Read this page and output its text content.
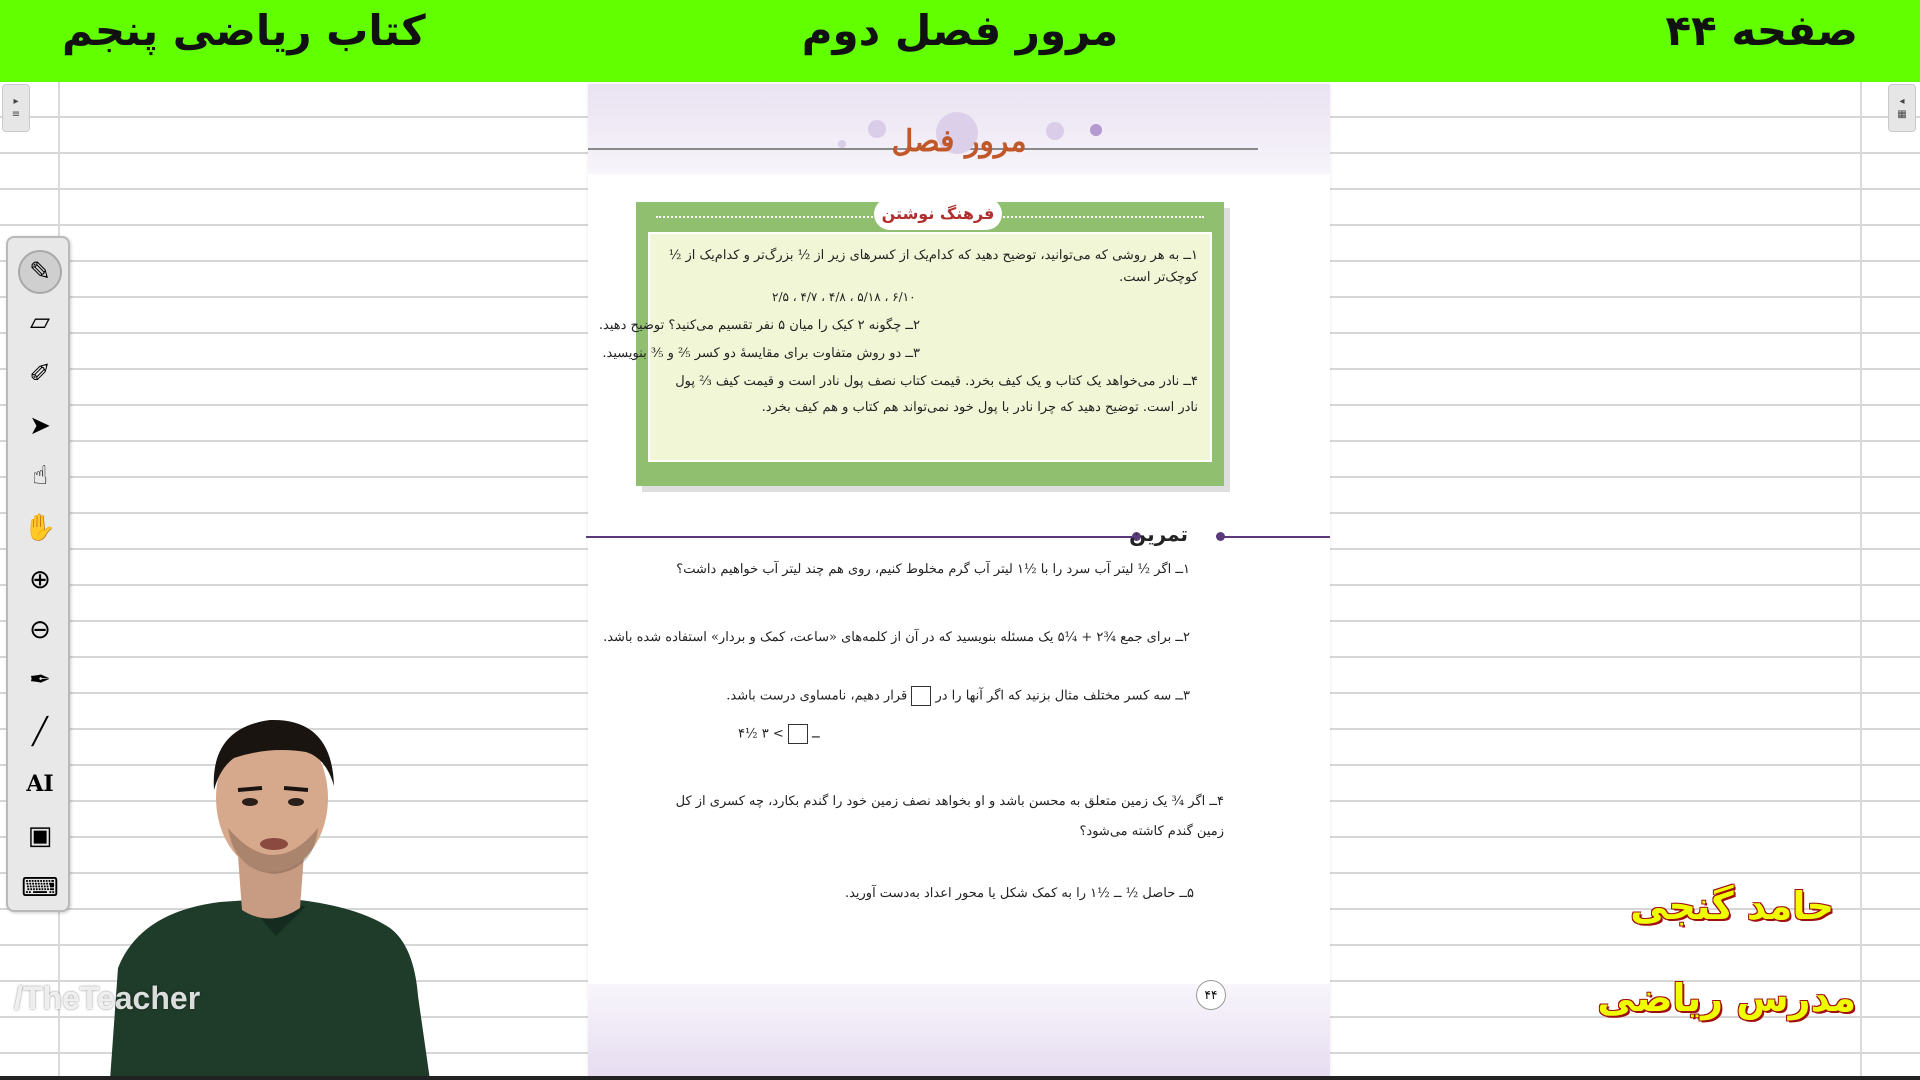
صفحه ۴۴
مرور فصل دوم
کتاب ریاضی پنجم
▸
≡
◂
▦
✎
▱
✐
➤
☝
✋
⊕
⊖
✒
╱
AI
▣
⌨
مرور فصل
فرهنگ نوشتن
۱ــ به هر روشی که می‌توانید، توضیح دهید که کدام‌یک از کسرهای زیر از ½ بزرگ‌تر و کدام‌یک از ½
کوچک‌تر است.
۲/۵ ، ۴/۷ ، ۴/۸ ، ۵/۱۸ ، ۶/۱۰
۲ــ چگونه ۲ کیک را میان ۵ نفر تقسیم می‌کنید؟ توضیح دهید.
۳ــ دو روش متفاوت برای مقایسهٔ دو کسر ⅖ و ⅗ بنویسید.
۴ــ نادر می‌خواهد یک کتاب و یک کیف بخرد. قیمت کتاب نصف پول نادر است و قیمت کیف ⅔ پول
نادر است. توضیح دهید که چرا نادر با پول خود نمی‌تواند هم کتاب و هم کیف بخرد.
تمرین
۱ــ اگر ½ لیتر آب سرد را با ½۱ لیتر آب گرم مخلوط کنیم، روی هم چند لیتر آب خواهیم داشت؟
۲ــ برای جمع ¾۲ + ¼۵ یک مسئله بنویسید که در آن از کلمه‌های «ساعت، کمک و بر‌دار» استفاده شده باشد.
۳ــ سه کسر مختلف مثال بزنید که اگر آنها را در  قرار دهیم، نامساوی درست باشد.
۴½ ــ  > ۳
۴ــ اگر ¾ یک زمین متعلق به محسن باشد و او بخواهد نصف زمین خود را گندم بکارد، چه کسری از کل
زمین گندم کاشته می‌شود؟
۵ــ حاصل ½ ــ ½۱ را به کمک شکل یا محور اعداد به‌دست آورید.
۴۴
/TheTeacher
حامد گنجی
مدرس ریاضی
